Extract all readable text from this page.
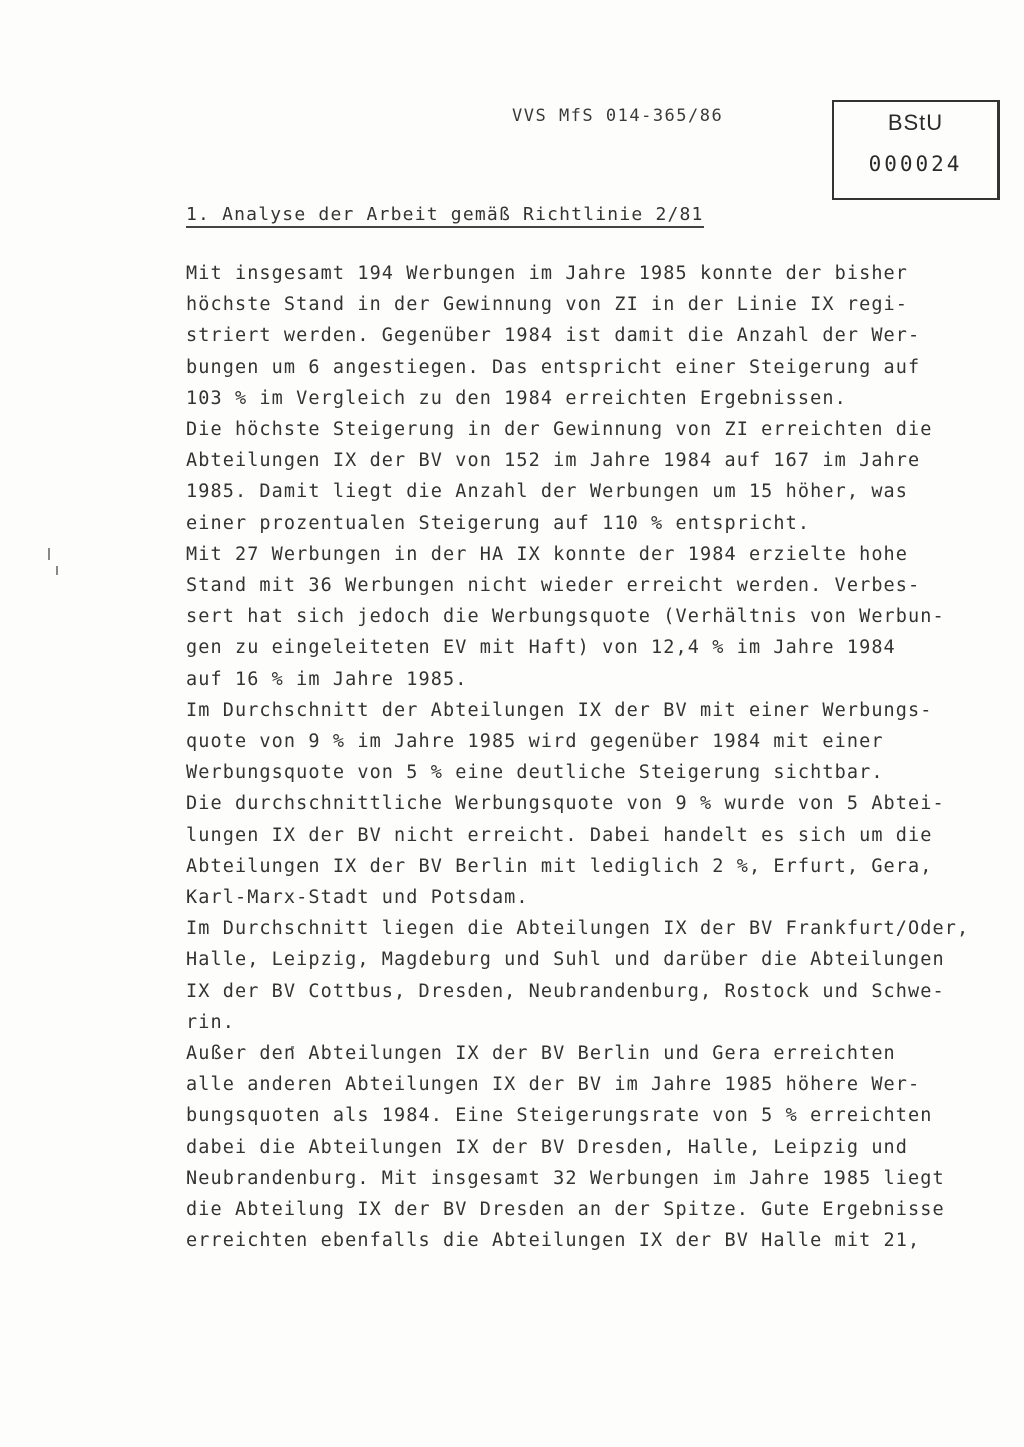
VVS MfS 014-365/86	BStU
000024
1. Analyse der Arbeit gemäß Richtlinie 2/81
Mit insgesamt 194 Werbungen im Jahre 1985 konnte der bisher
höchste Stand in der Gewinnung von ZI in der Linie IX regi-
striert werden. Gegenüber 1984 ist damit die Anzahl der Wer-
bungen um 6 angestiegen. Das entspricht einer Steigerung auf
103 % im Vergleich zu den 1984 erreichten Ergebnissen.
Die höchste Steigerung in der Gewinnung von ZI erreichten die
Abteilungen IX der BV von 152 im Jahre 1984 auf 167 im Jahre
1985. Damit liegt die Anzahl der Werbungen um 15 höher, was
einer prozentualen Steigerung auf 110 % entspricht.
Mit 27 Werbungen in der HA IX konnte der 1984 erzielte hohe
Stand mit 36 Werbungen nicht wieder erreicht werden. Verbes-
sert hat sich jedoch die Werbungsquote (Verhältnis von Werbun-
gen zu eingeleiteten EV mit Haft) von 12,4 % im Jahre 1984
auf 16 % im Jahre 1985.
Im Durchschnitt der Abteilungen IX der BV mit einer Werbungs-
quote von 9 % im Jahre 1985 wird gegenüber 1984 mit einer
Werbungsquote von 5 % eine deutliche Steigerung sichtbar.
Die durchschnittliche Werbungsquote von 9 % wurde von 5 Abtei-
lungen IX der BV nicht erreicht. Dabei handelt es sich um die
Abteilungen IX der BV Berlin mit lediglich 2 %, Erfurt, Gera,
Karl-Marx-Stadt und Potsdam.
Im Durchschnitt liegen die Abteilungen IX der BV Frankfurt/Oder,
Halle, Leipzig, Magdeburg und Suhl und darüber die Abteilungen
IX der BV Cottbus, Dresden, Neubrandenburg, Rostock und Schwe-
rin.
Außer den Abteilungen IX der BV Berlin und Gera erreichten
alle anderen Abteilungen IX der BV im Jahre 1985 höhere Wer-
bungsquoten als 1984. Eine Steigerungsrate von 5 % erreichten
dabei die Abteilungen IX der BV Dresden, Halle, Leipzig und
Neubrandenburg. Mit insgesamt 32 Werbungen im Jahre 1985 liegt
die Abteilung IX der BV Dresden an der Spitze. Gute Ergebnisse
erreichten ebenfalls die Abteilungen IX der BV Halle mit 21,
